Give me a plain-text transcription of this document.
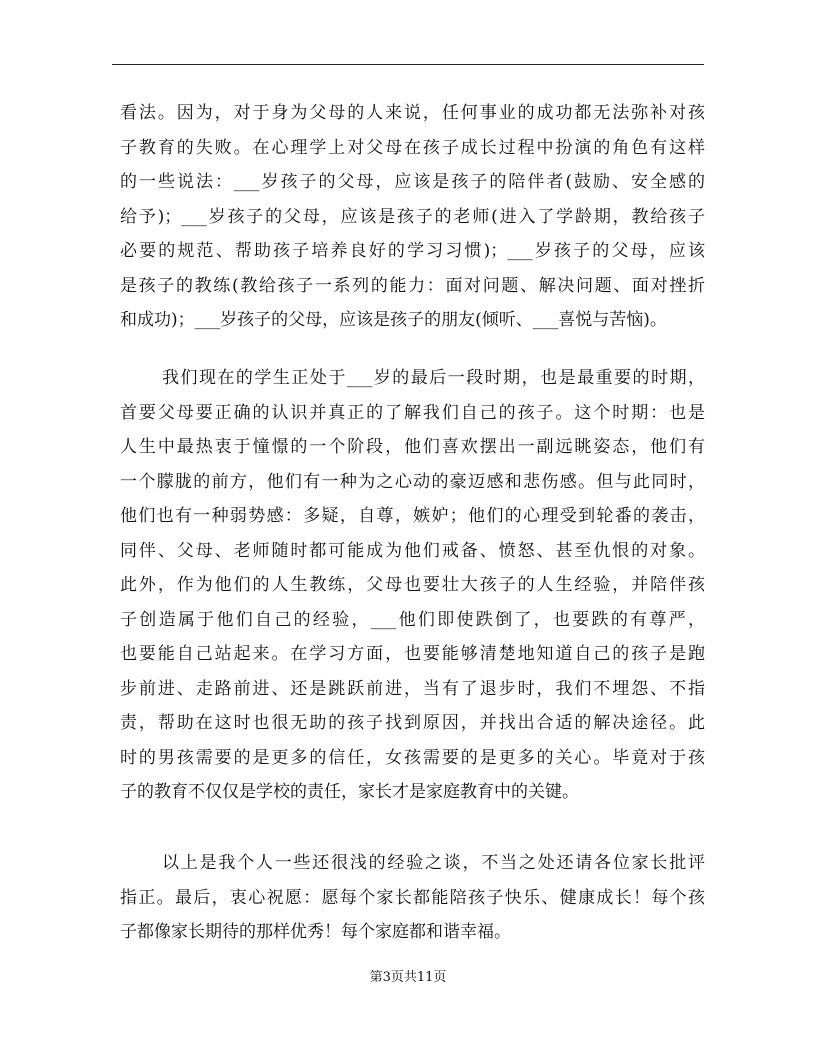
看法。因为，对于身为父母的人来说，任何事业的成功都无法弥补对孩
子教育的失败。在心理学上对父母在孩子成长过程中扮演的角色有这样
的一些说法：___岁孩子的父母，应该是孩子的陪伴者(鼓励、安全感的
给予)；___岁孩子的父母，应该是孩子的老师(进入了学龄期，教给孩子
必要的规范、帮助孩子培养良好的学习习惯)；___岁孩子的父母，应该
是孩子的教练(教给孩子一系列的能力：面对问题、解决问题、面对挫折
和成功)；___岁孩子的父母，应该是孩子的朋友(倾听、___喜悦与苦恼)。
我们现在的学生正处于___岁的最后一段时期，也是最重要的时期，
首要父母要正确的认识并真正的了解我们自己的孩子。这个时期：也是
人生中最热衷于憧憬的一个阶段，他们喜欢摆出一副远眺姿态，他们有
一个朦胧的前方，他们有一种为之心动的豪迈感和悲伤感。但与此同时，
他们也有一种弱势感：多疑，自尊，嫉妒；他们的心理受到轮番的袭击，
同伴、父母、老师随时都可能成为他们戒备、愤怒、甚至仇恨的对象。
此外，作为他们的人生教练，父母也要壮大孩子的人生经验，并陪伴孩
子创造属于他们自己的经验，___他们即使跌倒了，也要跌的有尊严，
也要能自己站起来。在学习方面，也要能够清楚地知道自己的孩子是跑
步前进、走路前进、还是跳跃前进，当有了退步时，我们不埋怨、不指
责，帮助在这时也很无助的孩子找到原因，并找出合适的解决途径。此
时的男孩需要的是更多的信任，女孩需要的是更多的关心。毕竟对于孩
子的教育不仅仅是学校的责任，家长才是家庭教育中的关键。
以上是我个人一些还很浅的经验之谈，不当之处还请各位家长批评
指正。最后，衷心祝愿：愿每个家长都能陪孩子快乐、健康成长！每个孩
子都像家长期待的那样优秀！每个家庭都和谐幸福。
第3页共11页
